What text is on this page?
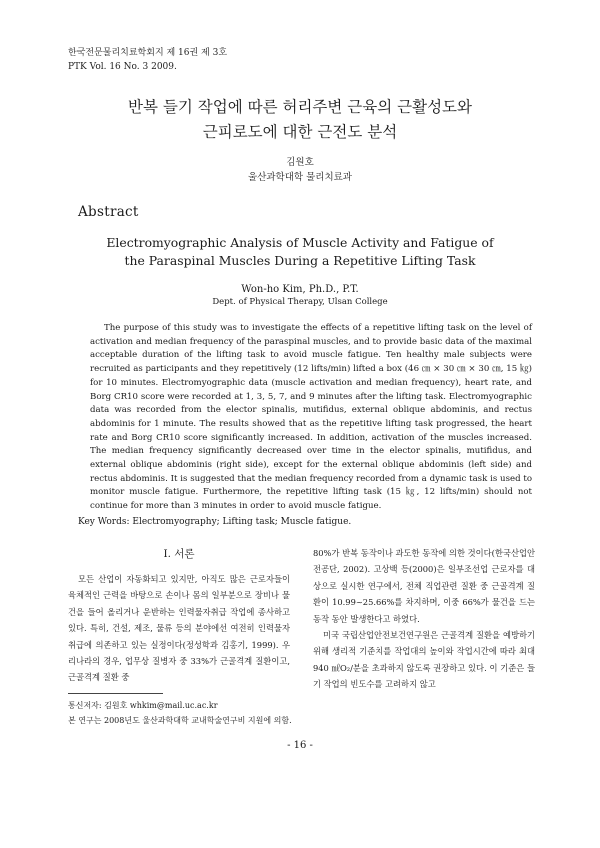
한국전문물리치료학회지 제 16권 제 3호
PTK Vol. 16 No. 3 2009.
반복 들기 작업에 따른 허리주변 근육의 근활성도와
근피로도에 대한 근전도 분석
김원호
울산과학대학 물리치료과
Abstract
Electromyographic Analysis of Muscle Activity and Fatigue of
the Paraspinal Muscles During a Repetitive Lifting Task
Won-ho Kim, Ph.D., P.T.
Dept. of Physical Therapy, Ulsan College

The purpose of this study was to investigate the effects of a repetitive lifting task on the level of activation and median frequency of the paraspinal muscles, and to provide basic data of the maximal acceptable duration of the lifting task to avoid muscle fatigue. Ten healthy male subjects were recruited as participants and they repetitively (12 lifts/min) lifted a box (46 ㎝ × 30 ㎝ × 30 ㎝, 15 ㎏) for 10 minutes. Electromyographic data (muscle activation and median frequency), heart rate, and Borg CR10 score were recorded at 1, 3, 5, 7, and 9 minutes after the lifting task. Electromyographic data was recorded from the elector spinalis, mutifidus, external oblique abdominis, and rectus abdominis for 1 minute. The results showed that as the repetitive lifting task progressed, the heart rate and Borg CR10 score significantly increased. In addition, activation of the muscles increased. The median frequency significantly decreased over time in the elector spinalis, mutifidus, and external oblique abdominis (right side), except for the external oblique abdominis (left side) and rectus abdominis. It is suggested that the median frequency recorded from a dynamic task is used to monitor muscle fatigue. Furthermore, the repetitive lifting task (15 ㎏, 12 lifts/min) should not continue for more than 3 minutes in order to avoid muscle fatigue.

Key Words: Electromyography; Lifting task; Muscle fatigue.
Ⅰ. 서론

모든 산업이 자동화되고 있지만, 아직도 많은 근로자들이 육체적인 근력을 바탕으로 손이나 몸의 일부분으로 장비나 물건을 들어 올리거나 운반하는 인력물자취급 작업에 종사하고 있다. 특히, 건설, 제조, 물류 등의 분야에선 여전히 인력물자취급에 의존하고 있는 실정이다(정성학과 김홍기, 1999). 우리나라의 경우, 업무상 질병자 중 33%가 근골격계 질환이고, 근골격계 질환 중

80%가 반복 동작이나 과도한 동작에 의한 것이다(한국산업안전공단, 2002). 고상백 등(2000)은 일부조선업 근로자를 대상으로 실시한 연구에서, 전체 직업관련 질환 중 근골격계 질환이 10.99~25.66%를 차지하며, 이중 66%가 물건을 드는 동작 동안 발생한다고 하였다.

미국 국립산업안전보건연구원은 근골격계 질환을 예방하기 위해 생리적 기준치를 작업대의 높이와 작업시간에 따라 최대 940 ㎖O₂/분을 초과하지 않도록 권장하고 있다. 이 기준은 들기 작업의 빈도수를 고려하지 않고

통신저자: 김원호 whkim@mail.uc.ac.kr
본 연구는 2008년도 울산과학대학 교내학술연구비 지원에 의함.
- 16 -
